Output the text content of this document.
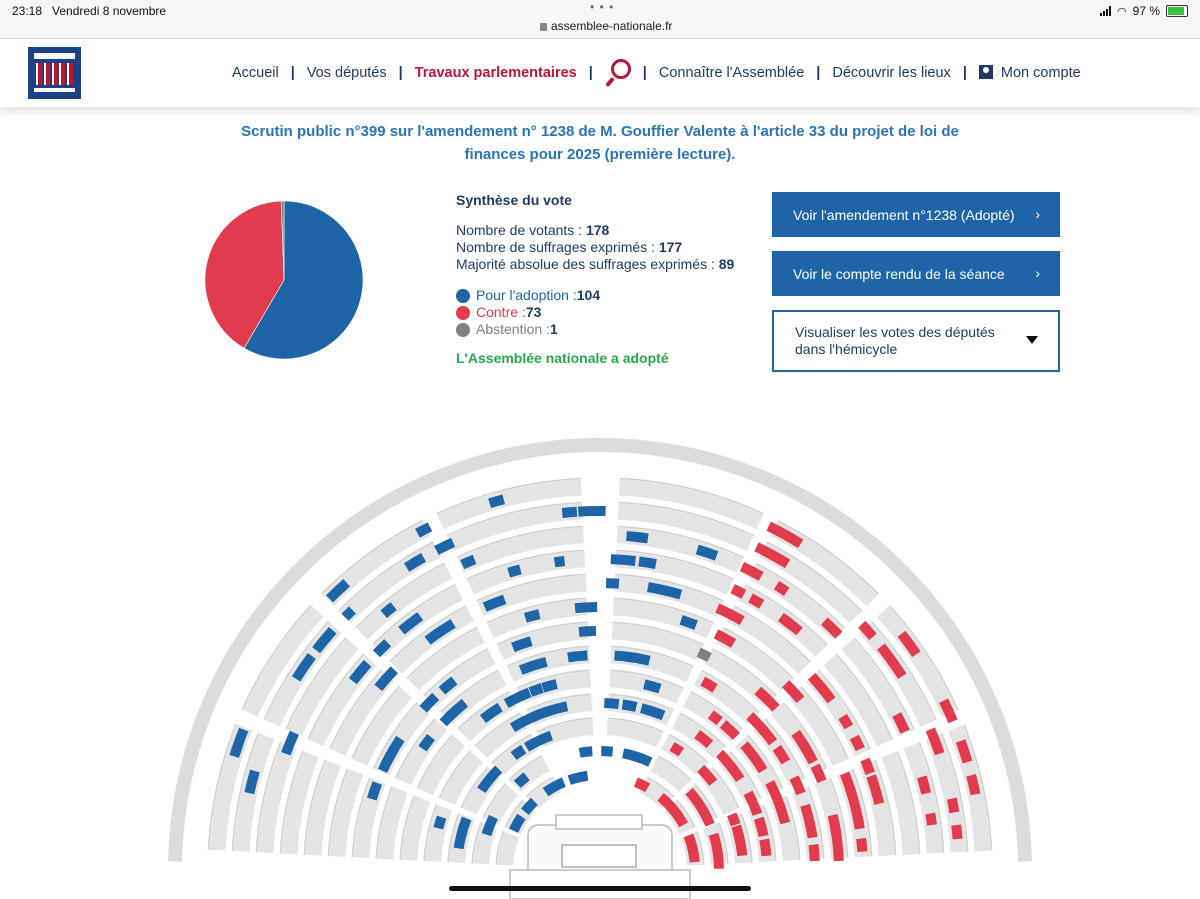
23:18 Vendredi 8 novembre	• • •
assemblee-nationale.fr
◠ 97 %
Accueil | Vos députés | Travaux parlementaires |	| Connaître l'Assemblée | Découvrir les lieux |	Mon compte
Scrutin public n°399 sur l'amendement n° 1238 de M. Gouffier Valente à l'article 33 du projet de loi de
finances pour 2025 (première lecture).
Synthèse du vote
Nombre de votants : 178
Nombre de suffrages exprimés : 177
Majorité absolue des suffrages exprimés : 89
Pour l'adoption : 104
Contre : 73
Abstention : 1
L'Assemblée nationale a adopté
Voir l'amendement n°1238 (Adopté) ›
Voir le compte rendu de la séance ›
Visualiser les votes des députés
dans l'hémicycle
